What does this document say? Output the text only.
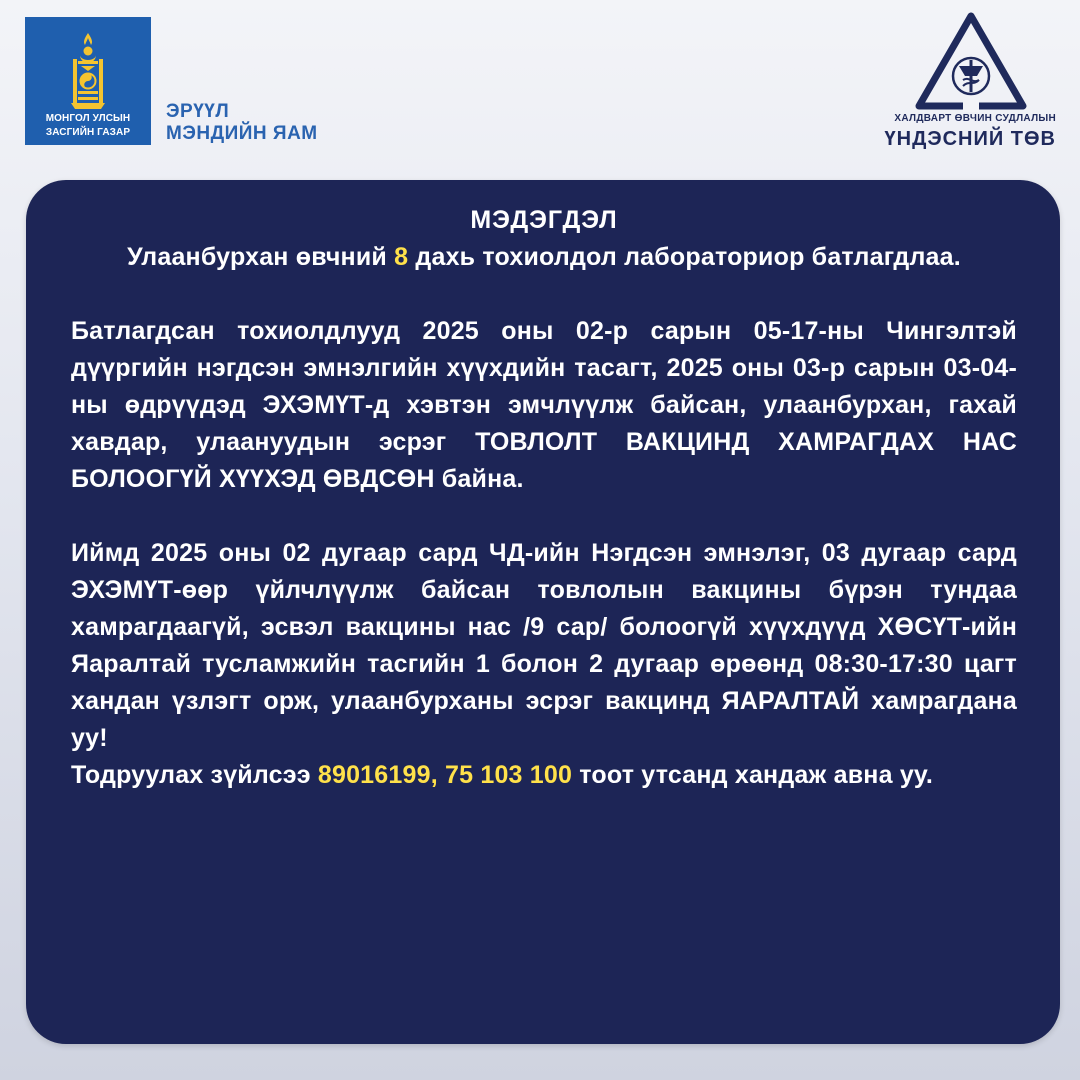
МОНГОЛ УЛСЫН
ЗАСГИЙН ГАЗАР
ЭРҮҮЛ
МЭНДИЙН ЯАМ
ХАЛДВАРТ ӨВЧИН СУДЛАЛЫН
ҮНДЭСНИЙ ТӨВ
МЭДЭГДЭЛ
Улаанбурхан өвчний 8 дахь тохиолдол лабораториор батлагдлаа.
Батлагдсан тохиолдлууд 2025 оны 02-р сарын 05-17-ны Чингэлтэй дүүргийн нэгдсэн эмнэлгийн хүүхдийн тасагт, 2025 оны 03-р сарын 03-04-ны өдрүүдэд ЭХЭМҮТ-д хэвтэн эмчлүүлж байсан, улаанбурхан, гахай хавдар, улаануудын эсрэг ТОВЛОЛТ ВАКЦИНД ХАМРАГДАХ НАС БОЛООГҮЙ ХҮҮХЭД ӨВДСӨН байна.
Иймд 2025 оны 02 дугаар сард ЧД-ийн Нэгдсэн эмнэлэг, 03 дугаар сард ЭХЭМҮТ-өөр үйлчлүүлж байсан товлолын вакцины бүрэн тундаа хамрагдаагүй, эсвэл вакцины нас /9 сар/ болоогүй хүүхдүүд ХӨСҮТ-ийн Яаралтай тусламжийн тасгийн 1 болон 2 дугаар өрөөнд 08:30-17:30 цагт хандан үзлэгт орж, улаанбурханы эсрэг вакцинд ЯАРАЛТАЙ хамрагдана уу!
Тодруулах зүйлсээ 89016199, 75 103 100 тоот утсанд хандаж авна уу.
